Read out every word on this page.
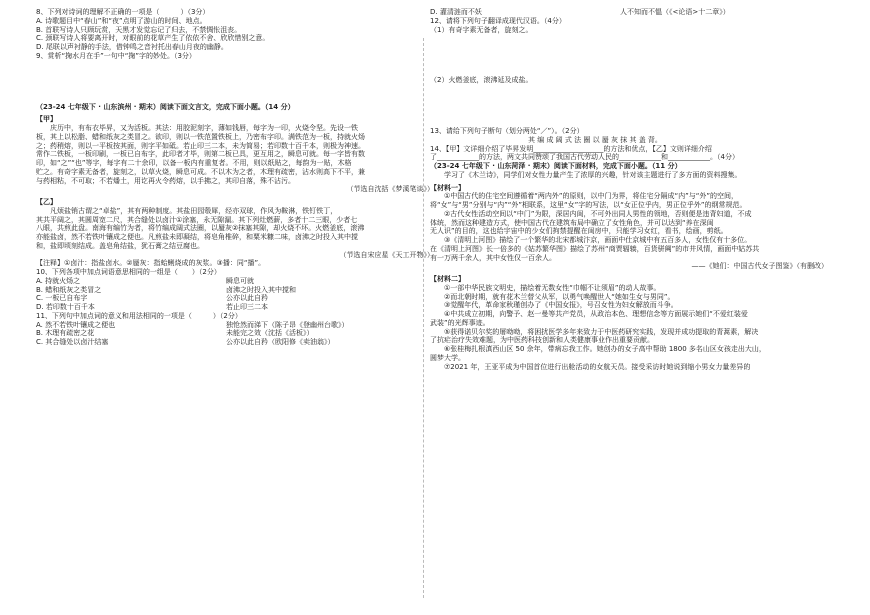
8、下列对诗词的理解不正确的一项是（　　　）（3分）

A. 诗歌题目中“春山”和“夜”点明了游山的时间、地点。

B. 首联写诗人只顾玩赏，天黑才发觉忘记了归去，不禁惆怅沮丧。

C. 颈联写诗人将要离开时，对眼前的花草产生了依依不舍、欣欣惜别之意。

D. 尾联以声衬静的手法，借钟鸣之音衬托出春山月夜的幽静。

9、赏析“掬水月在手”一句中“掬”字的妙处。（3分）

（23-24 七年级下 · 山东滨州 · 期末）阅读下面文言文，完成下面小题。（14 分）

【甲】

庆历中，有布衣毕昇，又为活板。其法：用胶泥刻字，薄如钱唇，每字为一印，火烧令坚。先设一铁

板，其上以松脂、蜡和纸灰之类冒之。欲印，则以一铁范置铁板上，乃密布字印。满铁范为一板，持就火炀

之；药稍熔，则以一平板按其面，则字平如砥。若止印三二本，未为简易；若印数十百千本，则极为神速。

常作二铁板，一板印刷，一板已自布字，此印者才毕，则第二板已具，更互用之，瞬息可就。每一字皆有数

印，如“之”“也”等字，每字有二十余印，以备一板内有重复者。不用，则以纸贴之，每韵为一贴，木格

贮之。有奇字素无备者，旋刻之，以草火烧，瞬息可成。不以木为之者，木理有疏密，沾水则高下不平，兼

与药相粘，不可取；不若燔土，用讫再火令药熔，以手拂之，其印自落，殊不沾污。

（节选自沈括《梦溪笔谈》）

【乙】

凡烦盐销古谓之“卓盐”，其有两种制度。其盐田园彀犀，经亦双球，作风为鞍淋，铁钉铁丁，

其共平阔之，其圆周宽二尺，其合缝处以卤汁①涂塞，永无隙漏。其下列灶燃薪，多者十二三眼，少者七

八眼，共煎此盘。南海有编竹为者，将竹编成阔式法圈，以蜃灰②抹塞其隙，却火烧不坏。火燃釜底，滚沸

亦能盐卤，然不若铁叶镶成之便也。凡煎盐未即凝结，将皂角椎碎，和粟米糠二味，卤沸之时投入其中搅

和，盐即顷刻结成。盖皂角结盐，犹石膏之结豆腐也。

（节选自宋应星《天工开物》）

【注释】①卤汁：指盐卤水。②蜃灰：指蛤蜊烧成的灰浆。③播：同“播”。

10、下列各项中加点词语意思相同的一组是（　　）（2分）

A. 持就火炀之	瞬息可就
B. 蜡和纸灰之类冒之	卤沸之时投入其中搅和
C. 一板已自布字	公亦以此自矜
D. 若印数十百千本	若止印三二本

11、下列句中加点词的意义和用法相同的一项是（　　　）（2分）

A. 然不若铁叶镶成之便也	独怆然而涕下（陈子昂《登幽州台歌》）
B. 木理有疏密之花	未能完之效（沈括《活板》）
C. 其合缝处以卤汁结塞	公亦以此自矜（欧阳修《卖油翁》）
D. 灌清涟而不妖	人不知而不愠（《<论语>十二章》）

12、请将下列句子翻译成现代汉语。（4分）

（1）有奇字素无备者，旋刻之。

（2）火燃釜底，滚沸延及成盐。

13、请给下列句子断句（划分两处“／”）。（2分）

　　　　　　　　　　　　　　其 编 成 阔 式 法 圈 以 蜃 灰 抹 其 盖 背。

14、【甲】文详细介绍了毕昇发明____________________的方法和优点，【乙】文则详细介绍

了____________的方法，两文共同赞颂了我国古代劳动人民的____________和____________。（4分）

（23-24 七年级下 · 山东菏泽 · 期末）阅读下面材料，完成下面小题。（11 分）

学习了《木兰诗》，同学们对女性力量产生了浓厚的兴趣，针对该主题进行了多方面的资料搜集。

【材料一】

①中国古代的住宅空间遵循着“两内外”的原则，以中门为界，将住宅分隔成“内”与“外”的空间，

将“女”与“男”分别与“内”“外”相联系，这里“女”字的写法，以“女正位乎内，男正位乎外”的纲常规范。

②古代女性活动空间以“中门”为限，深居内闺，不可外出同人男性的领地，否则便是违背妇道，不成

体统，然而这种建造方式，使中国古代在建筑布局中确立了女性角色，并可以达到“养在深闺

无人识”的目的，这也给宇宙中的少女们拘禁提醒在闺房中，只能学习女红，看书，绘画，剪纸。

③《清明上河图》描绘了一个繁华的北宋都城汴京，画面中仕京城中有五百多人，女性仅有十多位。

在《清明上河图》长一倍多的《姑苏繁华图》描绘了苏州“商贾辐辏，百货骈阗”的市井风情，画面中姑苏共

有一万两千余人，其中女性仅一百余人。

——《她们：中国古代女子图鉴》（有删改）

【材料二】

①一部中华民族文明史，描绘着无数女性“巾帼不让须眉”的动人故事。

②而北朝时期，就有花木兰替父从军，以勇气唤醒世人“她如生女与男同”。

③觉醒年代，革命家秋瑾创办了《中国女报》，号召女性为妇女解放而斗争。

④中共成立初期，向警予、赵一曼等共产党员，从政治本色、理想信念等方面展示她们“不爱红装爱

武装”的光辉事迹。

⑤获得诺贝尔奖的屠呦呦，将困扰医学多年来致力于中医药研究实践，发现并成功提取的青蒿素，解决

了抗疟治疗失效难题，为中医药科技创新和人类健康事业作出重要贡献。

⑥张桂梅扎根滇西山区 50 余年，带病忘我工作。她创办的女子高中帮助 1800 多名山区女孩走出大山，

圆梦大学。

⑦2021 年，王亚平成为中国首位进行出舱活动的女航天员。接受采访时她说到缩小男女力量差异的
